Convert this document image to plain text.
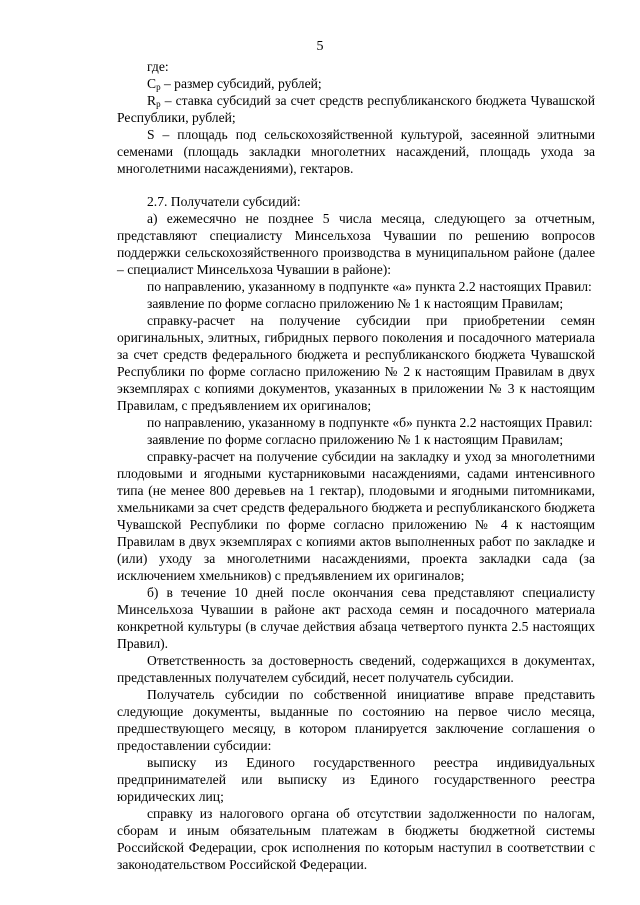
5

где:

$C_р$ – размер субсидий, рублей;

$R_р$ – ставка субсидий за счет средств республиканского бюджета Чувашской Республики, рублей;

S – площадь под сельскохозяйственной культурой, засеянной элитными семенами (площадь закладки многолетних насаждений, площадь ухода за многолетними насаждениями), гектаров.

2.7. Получатели субсидий:

а) ежемесячно не позднее 5 числа месяца, следующего за отчетным, представляют специалисту Минсельхоза Чувашии по решению вопросов поддержки сельскохозяйственного производства в муниципальном районе (далее – специалист Минсельхоза Чувашии в районе):

по направлению, указанному в подпункте «а» пункта 2.2 настоящих Правил:

заявление по форме согласно приложению № 1 к настоящим Правилам;

справку-расчет на получение субсидии при приобретении семян оригинальных, элитных, гибридных первого поколения и посадочного материала за счет средств федерального бюджета и республиканского бюджета Чувашской Республики по форме согласно приложению № 2 к настоящим Правилам в двух экземплярах с копиями документов, указанных в приложении № 3 к настоящим Правилам, с предъявлением их оригиналов;

по направлению, указанному в подпункте «б» пункта 2.2 настоящих Правил:

заявление по форме согласно приложению № 1 к настоящим Правилам;

справку-расчет на получение субсидии на закладку и уход за многолетними плодовыми и ягодными кустарниковыми насаждениями, садами интенсивного типа (не менее 800 деревьев на 1 гектар), плодовыми и ягодными питомниками, хмельниками за счет средств федерального бюджета и республиканского бюджета Чувашской Республики по форме согласно приложению № 4 к настоящим Правилам в двух экземплярах с копиями актов выполненных работ по закладке и (или) уходу за многолетними насаждениями, проекта закладки сада (за исключением хмельников) с предъявлением их оригиналов;

б) в течение 10 дней после окончания сева представляют специалисту Минсельхоза Чувашии в районе акт расхода семян и посадочного материала конкретной культуры (в случае действия абзаца четвертого пункта 2.5 настоящих Правил).

Ответственность за достоверность сведений, содержащихся в документах, представленных получателем субсидий, несет получатель субсидии.

Получатель субсидии по собственной инициативе вправе представить следующие документы, выданные по состоянию на первое число месяца, предшествующего месяцу, в котором планируется заключение соглашения о предоставлении субсидии:

выписку из Единого государственного реестра индивидуальных предпринимателей или выписку из Единого государственного реестра юридических лиц;

справку из налогового органа об отсутствии задолженности по налогам, сборам и иным обязательным платежам в бюджеты бюджетной системы Российской Федерации, срок исполнения по которым наступил в соответствии с законодательством Российской Федерации.
